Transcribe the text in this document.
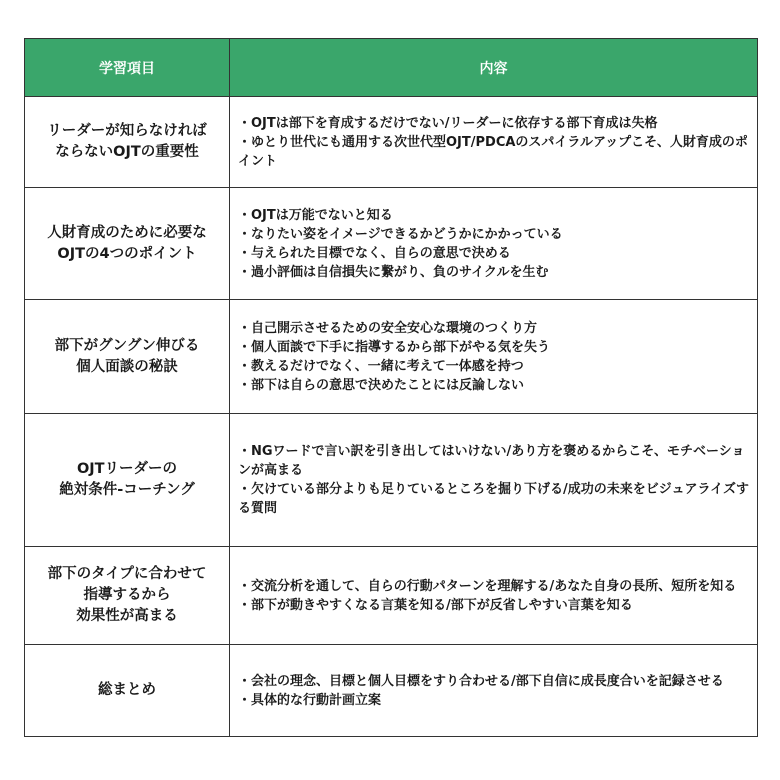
学習項目	内容

リーダーが知らなければ
ならないOJTの重要性	・OJTは部下を育成するだけでない/リーダーに依存する部下育成は失格
・ゆとり世代にも通用する次世代型OJT/PDCAのスパイラルアップこそ、人財育成のポイント

人財育成のために必要な
OJTの4つのポイント	・OJTは万能でないと知る
・なりたい姿をイメージできるかどうかにかかっている
・与えられた目標でなく、自らの意思で決める
・過小評価は自信損失に繋がり、負のサイクルを生む

部下がグングン伸びる
個人面談の秘訣	・自己開示させるための安全安心な環境のつくり方
・個人面談で下手に指導するから部下がやる気を失う
・教えるだけでなく、一緒に考えて一体感を持つ
・部下は自らの意思で決めたことには反論しない

OJTリーダーの
絶対条件-コーチング	・NGワードで言い訳を引き出してはいけない/あり方を褒めるからこそ、モチベーションが高まる
・欠けている部分よりも足りているところを掘り下げる/成功の未来をビジュアライズする質問

部下のタイプに合わせて
指導するから
効果性が高まる	・交流分析を通して、自らの行動パターンを理解する/あなた自身の長所、短所を知る
・部下が動きやすくなる言葉を知る/部下が反省しやすい言葉を知る

総まとめ	・会社の理念、目標と個人目標をすり合わせる/部下自信に成長度合いを記録させる
・具体的な行動計画立案
